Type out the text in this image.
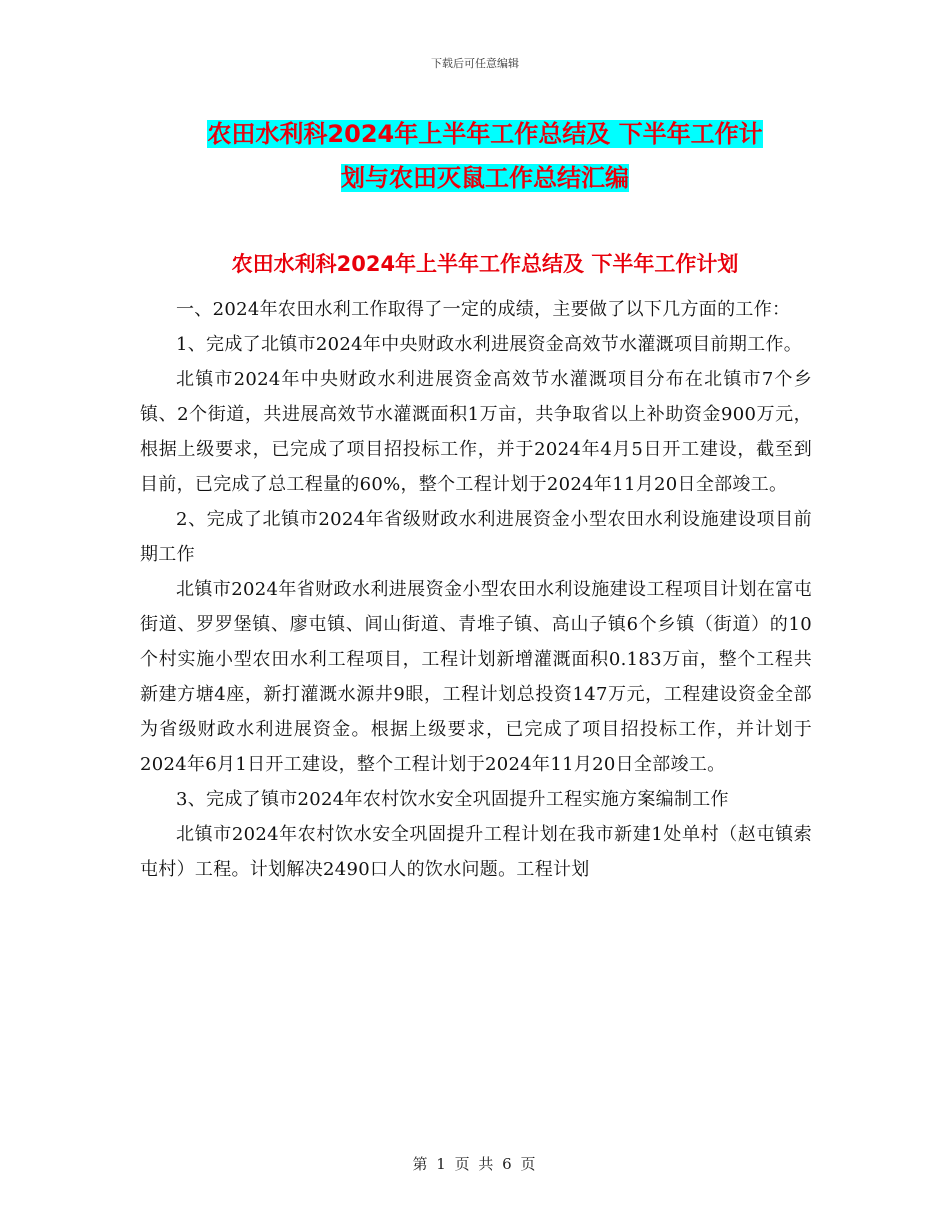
下载后可任意编辑
农田水利科2024年上半年工作总结及 下半年工作计
划与农田灭鼠工作总结汇编
农田水利科2024年上半年工作总结及 下半年工作计划

一、2024年农田水利工作取得了一定的成绩，主要做了以下几方面的工作：

1、完成了北镇市2024年中央财政水利进展资金高效节水灌溉项目前期工作。

北镇市2024年中央财政水利进展资金高效节水灌溉项目分布在北镇市7个乡镇、2个街道，共进展高效节水灌溉面积1万亩，共争取省以上补助资金900万元，根据上级要求，已完成了项目招投标工作，并于2024年4月5日开工建设，截至到目前，已完成了总工程量的60%，整个工程计划于2024年11月20日全部竣工。

2、完成了北镇市2024年省级财政水利进展资金小型农田水利设施建设项目前期工作

北镇市2024年省财政水利进展资金小型农田水利设施建设工程项目计划在富屯街道、罗罗堡镇、廖屯镇、闾山街道、青堆子镇、高山子镇6个乡镇（街道）的10个村实施小型农田水利工程项目，工程计划新增灌溉面积0.183万亩，整个工程共新建方塘4座，新打灌溉水源井9眼，工程计划总投资147万元，工程建设资金全部为省级财政水利进展资金。根据上级要求，已完成了项目招投标工作，并计划于2024年6月1日开工建设，整个工程计划于2024年11月20日全部竣工。

3、完成了镇市2024年农村饮水安全巩固提升工程实施方案编制工作

北镇市2024年农村饮水安全巩固提升工程计划在我市新建1处单村（赵屯镇索屯村）工程。计划解决2490口人的饮水问题。工程计划

第 1 页 共 6 页
